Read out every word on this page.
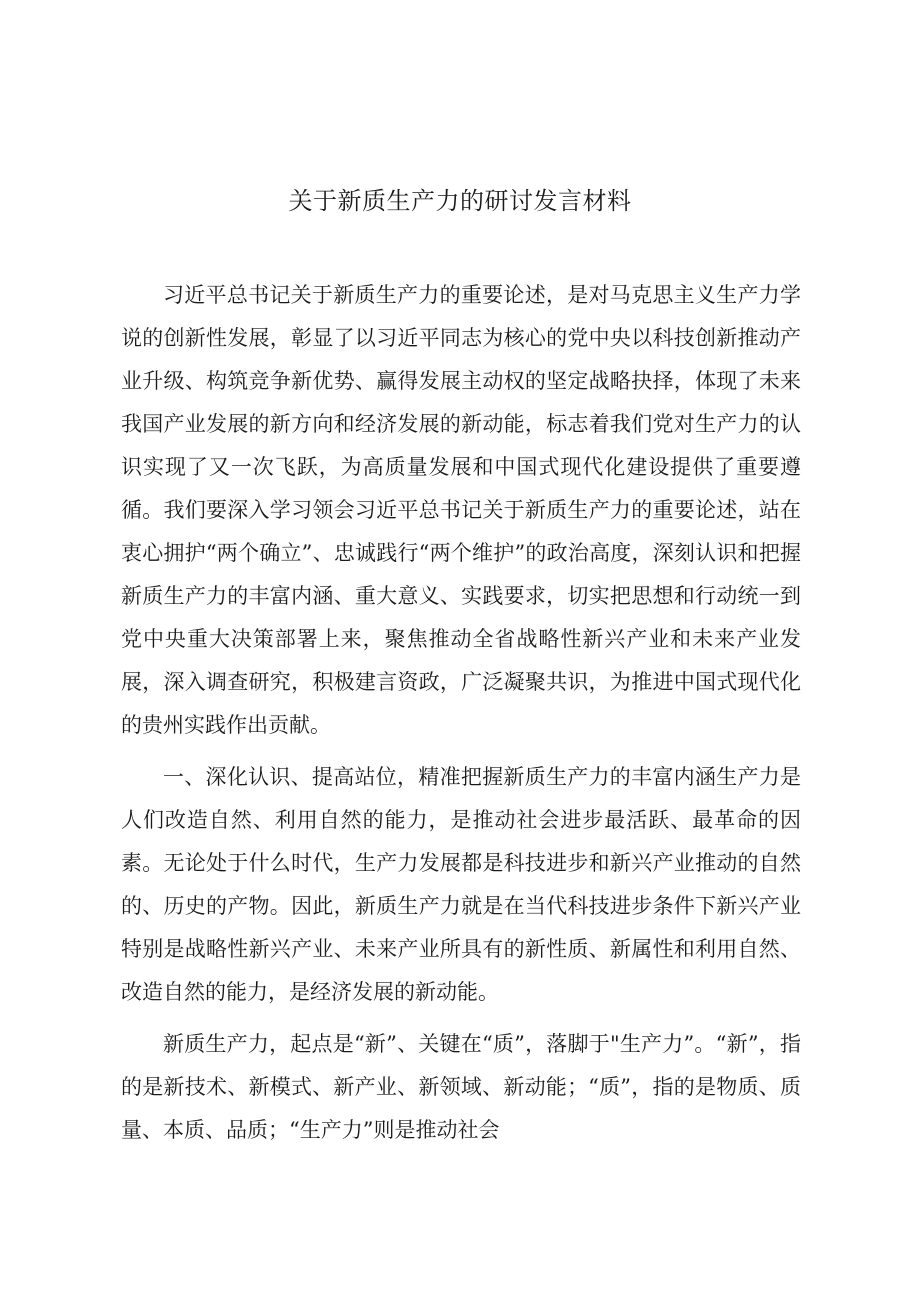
关于新质生产力的研讨发言材料

习近平总书记关于新质生产力的重要论述，是对马克思主义生产力学说的创新性发展，彰显了以习近平同志为核心的党中央以科技创新推动产业升级、构筑竞争新优势、赢得发展主动权的坚定战略抉择，体现了未来我国产业发展的新方向和经济发展的新动能，标志着我们党对生产力的认识实现了又一次飞跃，为高质量发展和中国式现代化建设提供了重要遵循。我们要深入学习领会习近平总书记关于新质生产力的重要论述，站在衷心拥护“两个确立”、忠诚践行“两个维护”的政治高度，深刻认识和把握新质生产力的丰富内涵、重大意义、实践要求，切实把思想和行动统一到党中央重大决策部署上来，聚焦推动全省战略性新兴产业和未来产业发展，深入调查研究，积极建言资政，广泛凝聚共识，为推进中国式现代化的贵州实践作出贡献。

一、深化认识、提高站位，精准把握新质生产力的丰富内涵生产力是人们改造自然、利用自然的能力，是推动社会进步最活跃、最革命的因素。无论处于什么时代，生产力发展都是科技进步和新兴产业推动的自然的、历史的产物。因此，新质生产力就是在当代科技进步条件下新兴产业特别是战略性新兴产业、未来产业所具有的新性质、新属性和利用自然、改造自然的能力，是经济发展的新动能。

新质生产力，起点是“新”、关键在“质”，落脚于"生产力”。“新”，指的是新技术、新模式、新产业、新领域、新动能；“质”，指的是物质、质量、本质、品质；“生产力”则是推动社会
